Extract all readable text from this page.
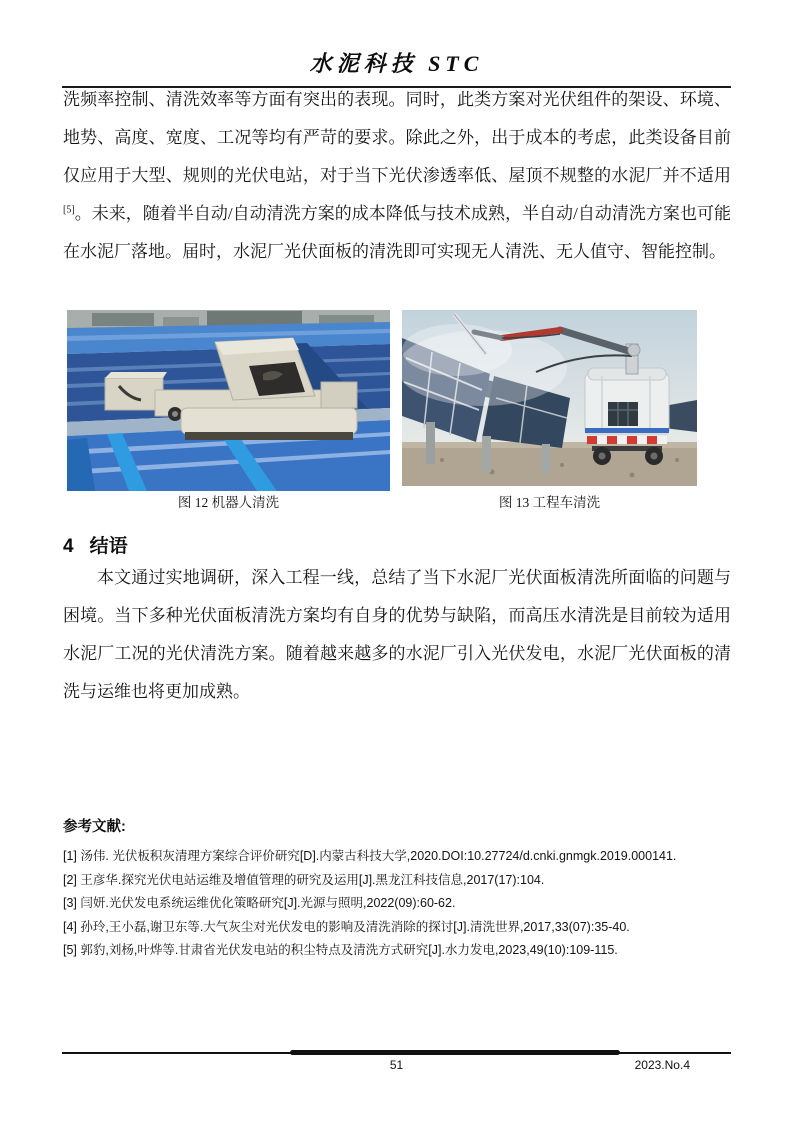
水泥科技 STC
洗频率控制、清洗效率等方面有突出的表现。同时，此类方案对光伏组件的架设、环境、地势、高度、宽度、工况等均有严苛的要求。除此之外，出于成本的考虑，此类设备目前仅应用于大型、规则的光伏电站，对于当下光伏渗透率低、屋顶不规整的水泥厂并不适用[5]。未来，随着半自动/自动清洗方案的成本降低与技术成熟，半自动/自动清洗方案也可能在水泥厂落地。届时，水泥厂光伏面板的清洗即可实现无人清洗、无人值守、智能控制。
图 12 机器人清洗	图 13 工程车清洗
4 结语
本文通过实地调研，深入工程一线，总结了当下水泥厂光伏面板清洗所面临的问题与困境。当下多种光伏面板清洗方案均有自身的优势与缺陷，而高压水清洗是目前较为适用水泥厂工况的光伏清洗方案。随着越来越多的水泥厂引入光伏发电，水泥厂光伏面板的清洗与运维也将更加成熟。

参考文献:

[1] 汤伟. 光伏板积灰清理方案综合评价研究[D].内蒙古科技大学,2020.DOI:10.27724/d.cnki.gnmgk.2019.000141.
[2] 王彦华.探究光伏电站运维及增值管理的研究及运用[J].黑龙江科技信息,2017(17):104.
[3] 闫妍.光伏发电系统运维优化策略研究[J].光源与照明,2022(09):60-62.
[4] 孙玲,王小磊,谢卫东等.大气灰尘对光伏发电的影响及清洗消除的探讨[J].清洗世界,2017,33(07):35-40.
[5] 郭豹,刘杨,叶烨等.甘肃省光伏发电站的积尘特点及清洗方式研究[J].水力发电,2023,49(10):109-115.
51	2023.No.4
